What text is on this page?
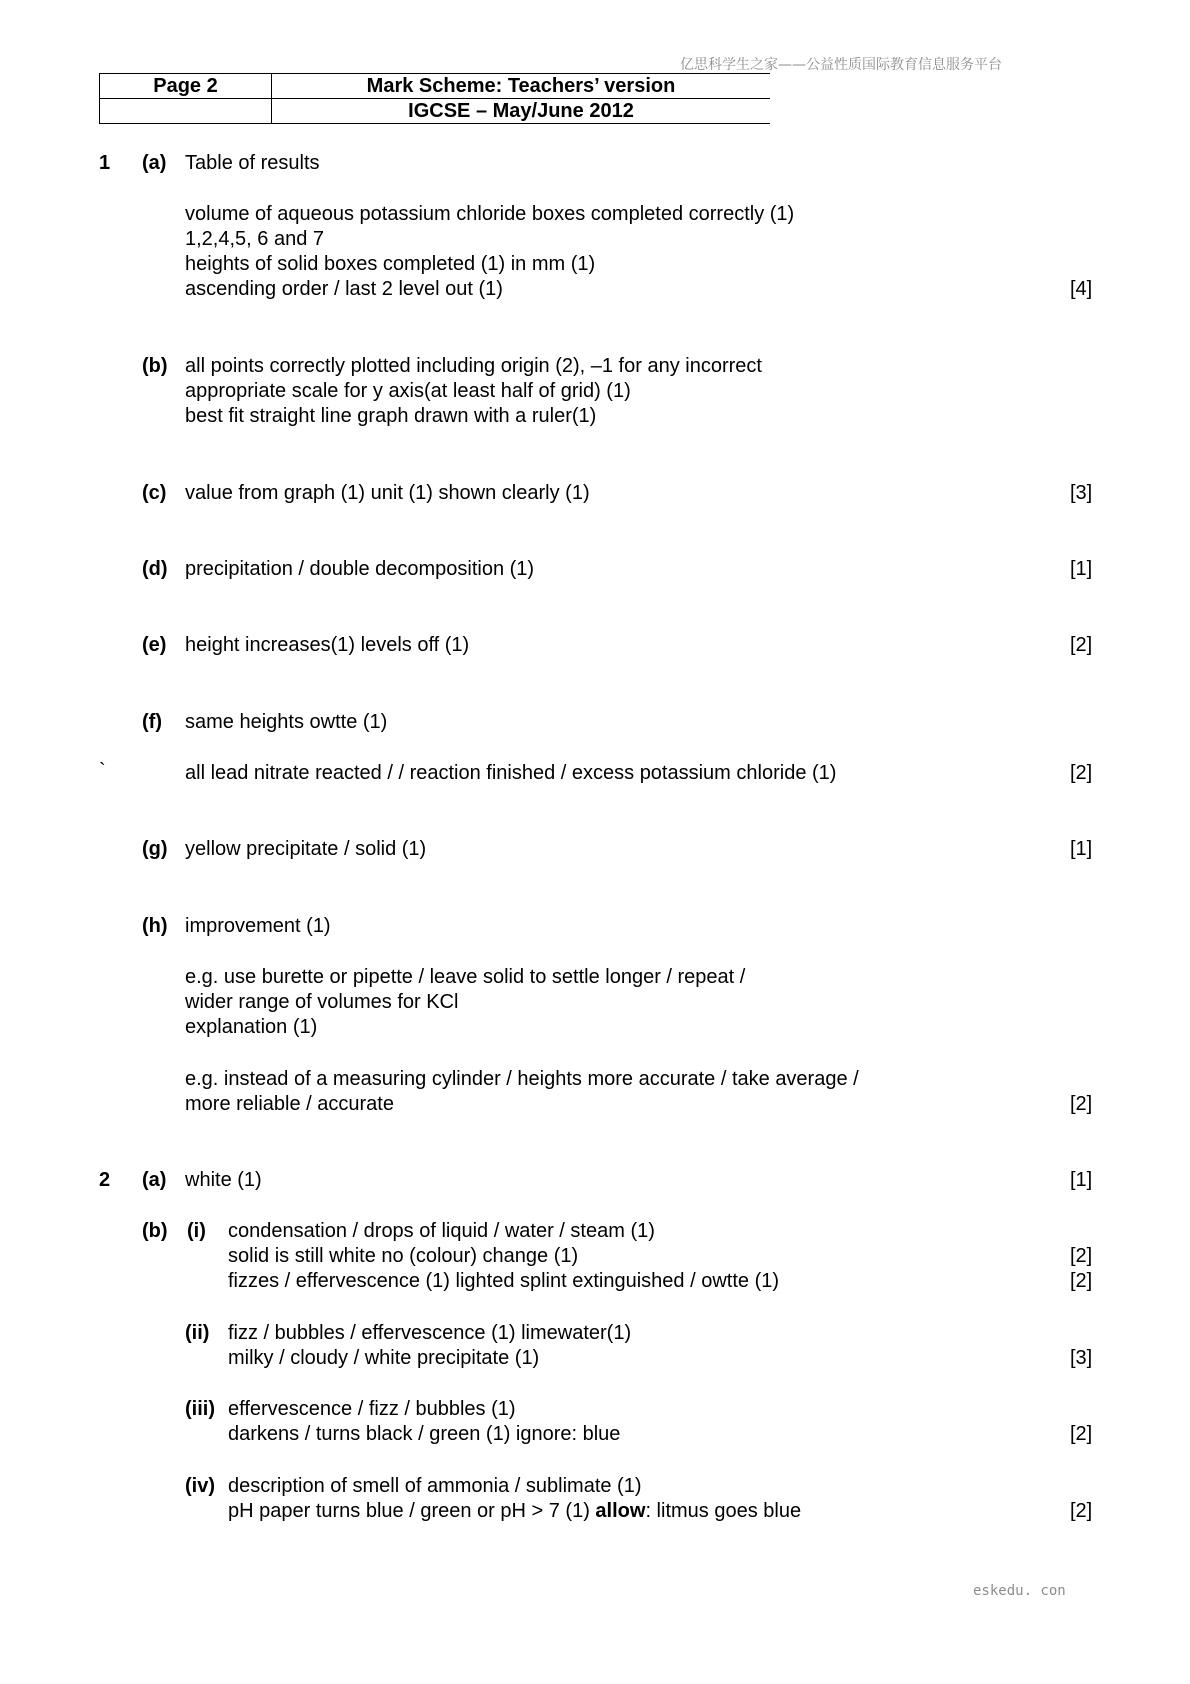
亿思科学生之家——公益性质国际教育信息服务平台
Page 2	Mark Scheme: Teachers’ version
	IGCSE – May/June 2012
1 (a) Table of results
volume of aqueous potassium chloride boxes completed correctly (1)
1,2,4,5, 6 and 7
heights of solid boxes completed (1) in mm (1)
ascending order / last 2 level out (1)	[4]
(b) all points correctly plotted including origin (2), –1 for any incorrect
appropriate scale for y axis(at least half of grid) (1)
best fit straight line graph drawn with a ruler(1)
(c) value from graph (1) unit (1) shown clearly (1)	[3]
(d) precipitation / double decomposition (1)	[1]
(e) height increases(1) levels off (1)	[2]
(f) same heights owtte (1)
`	all lead nitrate reacted / / reaction finished / excess potassium chloride (1)	[2]
(g) yellow precipitate / solid (1)	[1]
(h) improvement (1)
e.g. use burette or pipette / leave solid to settle longer / repeat /
wider range of volumes for KCl
explanation (1)
e.g. instead of a measuring cylinder / heights more accurate / take average /
more reliable / accurate	[2]
2 (a) white (1)	[1]
(b) (i) condensation / drops of liquid / water / steam (1)
solid is still white no (colour) change (1)	[2]
fizzes / effervescence (1) lighted splint extinguished / owtte (1)	[2]
(ii) fizz / bubbles / effervescence (1) limewater(1)
milky / cloudy / white precipitate (1)	[3]
(iii) effervescence / fizz / bubbles (1)
darkens / turns black / green (1) ignore: blue	[2]
(iv) description of smell of ammonia / sublimate (1)
pH paper turns blue / green or pH > 7 (1) allow: litmus goes blue	[2]
eskedu. con
